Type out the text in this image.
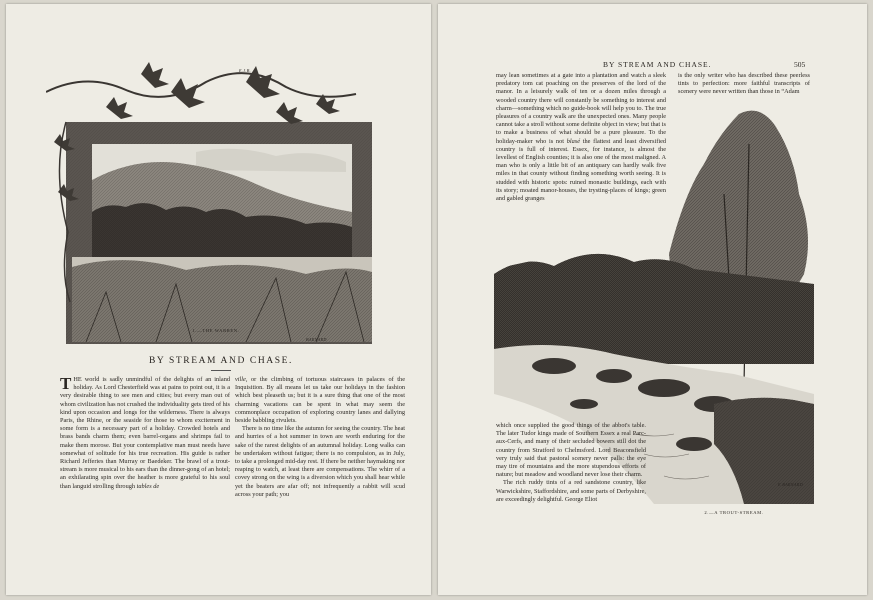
E.J.B.
BARNARD
1.—THE WARREN.
BY STREAM AND CHASE.

THE world is sadly unmindful of the delights of an inland holiday. As Lord Chesterfield was at pains to point out, it is a very desirable thing to see men and cities; but every man out of whom civilization has not crushed the individuality gets tired of his kind upon occasion and longs for the wilderness. There is always Paris, the Rhine, or the seaside for those to whom excitement in some form is a necessary part of a holiday. Crowded hotels and brass bands charm them; even barrel-organs and shrimps fail to make them morose. But your contemplative man must needs have somewhat of solitude for his true recreation. His guide is rather Richard Jefferies than Murray or Baedeker. The brawl of a trout-stream is more musical to his ears than the dinner-gong of an hotel; an exhilarating spin over the heather is more grateful to his soul than languid strolling through tables de

ville, or the climbing of tortuous staircases in palaces of the Inquisition. By all means let us take our holidays in the fashion which best pleaseth us; but it is a sure thing that one of the most charming vacations can be spent in what may seem the commonplace occupation of exploring country lanes and dallying beside babbling rivulets.

There is no time like the autumn for seeing the country. The heat and hurries of a hot summer in town are worth enduring for the sake of the rarest delights of an autumnal holiday. Long walks can be undertaken without fatigue; there is no compulsion, as in July, to take a prolonged mid-day rest. If there be neither haymaking nor reaping to watch, at least there are compensations. The whirr of a covey strong on the wing is a diversion which you shall hear while yet the beaters are afar off; not infrequently a rabbit will scud across your path; you

BY STREAM AND CHASE.	505

may lean sometimes at a gate into a plantation and watch a sleek predatory tom cat poaching on the preserves of the lord of the manor. In a leisurely walk of ten or a dozen miles through a wooded country there will constantly be something to interest and charm—something which no guide-book will help you to. The true pleasures of a country walk are the unexpected ones. Many people cannot take a stroll without some definite object in view; but that is to make a business of what should be a pure pleasure. To the holiday-maker who is not blasé the flattest and least diversified country is full of interest. Essex, for instance, is almost the levellest of English counties; it is also one of the most maligned. A man who is only a little bit of an antiquary can hardly walk five miles in that county without finding something worth seeing. It is studded with historic spots: ruined monastic buildings, each with its story; moated manor-houses, the trysting-places of kings; green and gabled granges

is the only writer who has described these peerless tints to perfection: more faithful transcripts of scenery were never written than those in “Adam

which once supplied the good things of the abbot's table. The later Tudor kings made of Southern Essex a real Parc-aux-Cerfs, and many of their secluded bowers still dot the country from Stratford to Chelmsford. Lord Beaconsfield very truly said that pastoral scenery never palls: the eye may tire of mountains and the more stupendous efforts of nature; but meadow and woodland never lose their charm.

The rich ruddy tints of a red sandstone country, like Warwickshire, Staffordshire, and some parts of Derbyshire, are exceedingly delightful. George Eliot

E BARNARD
2.—A TROUT-STREAM.
